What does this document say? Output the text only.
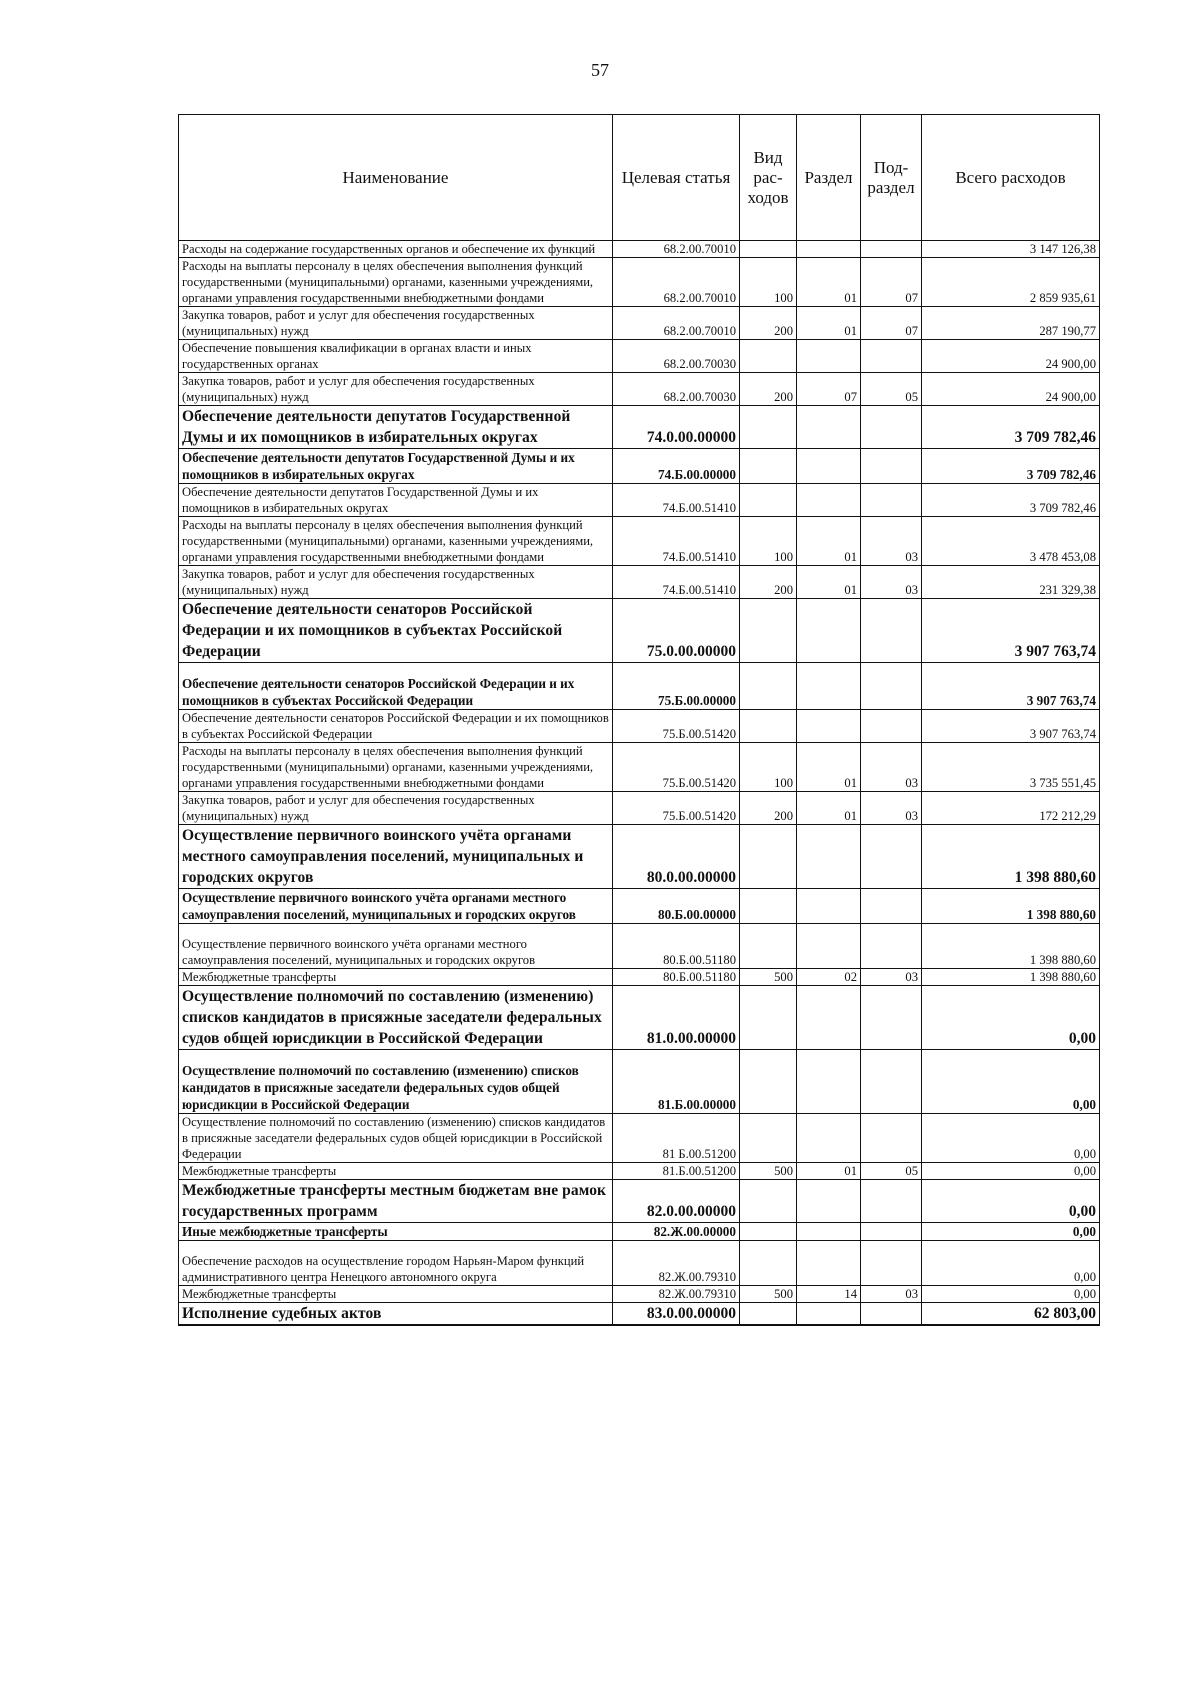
57
Наименование	Целевая статья	Вид рас- ходов	Раздел	Под- раздел	Всего расходов
Расходы на содержание государственных органов и обеспечение их функций	68.2.00.70010				3 147 126,38
Расходы на выплаты персоналу в целях обеспечения выполнения функций государственными (муниципальными) органами, казенными учреждениями, органами управления государственными внебюджетными фондами	68.2.00.70010	100	01	07	2 859 935,61
Закупка товаров, работ и услуг для обеспечения государственных (муниципальных) нужд	68.2.00.70010	200	01	07	287 190,77
Обеспечение повышения квалификации в органах власти и иных государственных органах	68.2.00.70030				24 900,00
Закупка товаров, работ и услуг для обеспечения государственных (муниципальных) нужд	68.2.00.70030	200	07	05	24 900,00
Обеспечение деятельности депутатов Государственной Думы и их помощников в избирательных округах	74.0.00.00000				3 709 782,46
Обеспечение деятельности депутатов Государственной Думы и их помощников в избирательных округах	74.Б.00.00000				3 709 782,46
Обеспечение деятельности депутатов Государственной Думы и их помощников в избирательных округах	74.Б.00.51410				3 709 782,46
Расходы на выплаты персоналу в целях обеспечения выполнения функций государственными (муниципальными) органами, казенными учреждениями, органами управления государственными внебюджетными фондами	74.Б.00.51410	100	01	03	3 478 453,08
Закупка товаров, работ и услуг для обеспечения государственных (муниципальных) нужд	74.Б.00.51410	200	01	03	231 329,38
Обеспечение деятельности сенаторов Российской Федерации и их помощников в субъектах Российской Федерации	75.0.00.00000				3 907 763,74
Обеспечение деятельности сенаторов Российской Федерации и их помощников в субъектах Российской Федерации	75.Б.00.00000				3 907 763,74
Обеспечение деятельности сенаторов Российской Федерации и их помощников в субъектах Российской Федерации	75.Б.00.51420				3 907 763,74
Расходы на выплаты персоналу в целях обеспечения выполнения функций государственными (муниципальными) органами, казенными учреждениями, органами управления государственными внебюджетными фондами	75.Б.00.51420	100	01	03	3 735 551,45
Закупка товаров, работ и услуг для обеспечения государственных (муниципальных) нужд	75.Б.00.51420	200	01	03	172 212,29
Осуществление первичного воинского учёта органами местного самоуправления поселений, муниципальных и городских округов	80.0.00.00000				1 398 880,60
Осуществление первичного воинского учёта органами местного самоуправления поселений, муниципальных и городских округов	80.Б.00.00000				1 398 880,60
Осуществление первичного воинского учёта органами местного самоуправления поселений, муниципальных и городских округов	80.Б.00.51180				1 398 880,60
Межбюджетные трансферты	80.Б.00.51180	500	02	03	1 398 880,60
Осуществление полномочий по составлению (изменению) списков кандидатов в присяжные заседатели федеральных судов общей юрисдикции в Российской Федерации	81.0.00.00000				0,00
Осуществление полномочий по составлению (изменению) списков кандидатов в присяжные заседатели федеральных судов общей юрисдикции в Российской Федерации	81.Б.00.00000				0,00
Осуществление полномочий по составлению (изменению) списков кандидатов в присяжные заседатели федеральных судов общей юрисдикции в Российской Федерации	81 Б.00.51200				0,00
Межбюджетные трансферты	81.Б.00.51200	500	01	05	0,00
Межбюджетные трансферты местным бюджетам вне рамок государственных программ	82.0.00.00000				0,00
Иные межбюджетные трансферты	82.Ж.00.00000				0,00
Обеспечение расходов на осуществление городом Нарьян-Маром функций административного центра Ненецкого автономного округа	82.Ж.00.79310				0,00
Межбюджетные трансферты	82.Ж.00.79310	500	14	03	0,00
Исполнение судебных актов	83.0.00.00000				62 803,00
